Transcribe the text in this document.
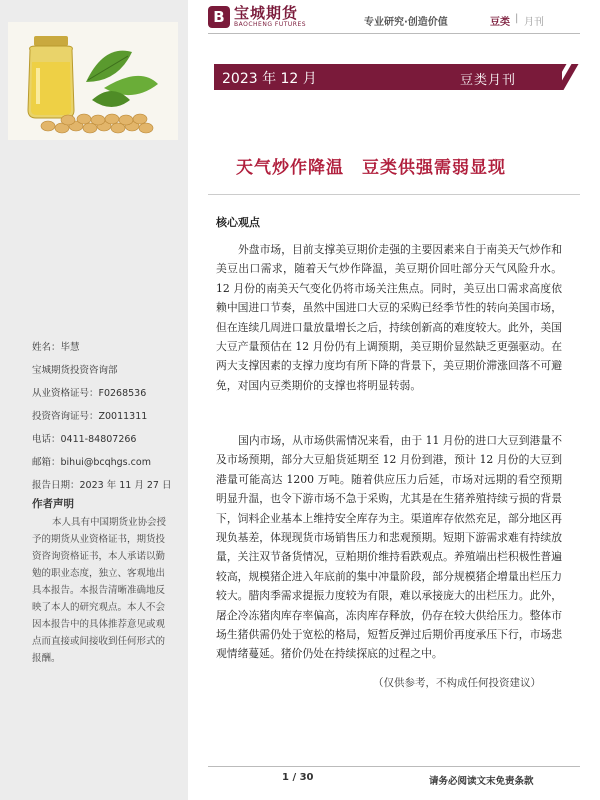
姓名：毕慧
宝城期货投资咨询部
从业资格证号：F0268536
投资咨询证号：Z0011311
电话：0411-84807266
邮箱：bihui@bcqhgs.com
报告日期：2023 年 11 月 27 日
作者声明
本人具有中国期货业协会授予的期货从业资格证书，期货投资咨询资格证书，本人承诺以勤勉的职业态度，独立、客观地出具本报告。本报告清晰准确地反映了本人的研究观点。本人不会因本报告中的具体推荐意见或观点而直接或间接收到任何形式的报酬。
B 宝城期货
BAOCHENG FUTURES	专业研究·创造价值	豆类 | 月刊
2023 年 12 月	豆类月刊
天气炒作降温　豆类供强需弱显现
核心观点

外盘市场，目前支撑美豆期价走强的主要因素来自于南美天气炒作和美豆出口需求，随着天气炒作降温，美豆期价回吐部分天气风险升水。12 月份的南美天气变化仍将市场关注焦点。同时，美豆出口需求高度依赖中国进口节奏，虽然中国进口大豆的采购已经季节性的转向美国市场，但在连续几周进口量放量增长之后，持续创新高的难度较大。此外，美国大豆产量预估在 12 月份仍有上调预期，美豆期价显然缺乏更强驱动。在两大支撑因素的支撑力度均有所下降的背景下，美豆期价滞涨回落不可避免，对国内豆类期价的支撑也将明显转弱。

国内市场，从市场供需情况来看，由于 11 月份的进口大豆到港量不及市场预期，部分大豆船货延期至 12 月份到港，预计 12 月份的大豆到港量可能高达 1200 万吨。随着供应压力后延，市场对远期的看空预期明显升温，也令下游市场不急于采购，尤其是在生猪养殖持续亏损的背景下，饲料企业基本上维持安全库存为主。渠道库存依然充足，部分地区再现负基差，体现现货市场销售压力和悲观预期。短期下游需求难有持续放量，关注双节备货情况，豆粕期价维持看跌观点。养殖端出栏积极性普遍较高，规模猪企进入年底前的集中冲量阶段，部分规模猪企增量出栏压力较大。腊肉季需求提振力度较为有限，难以承接庞大的出栏压力。此外，屠企冷冻猪肉库存率偏高，冻肉库存释放，仍存在较大供给压力。整体市场生猪供需仍处于宽松的格局，短暂反弹过后期价再度承压下行，市场悲观情绪蔓延。猪价仍处在持续探底的过程之中。

（仅供参考，不构成任何投资建议）
1 / 30	请务必阅读文末免责条款
